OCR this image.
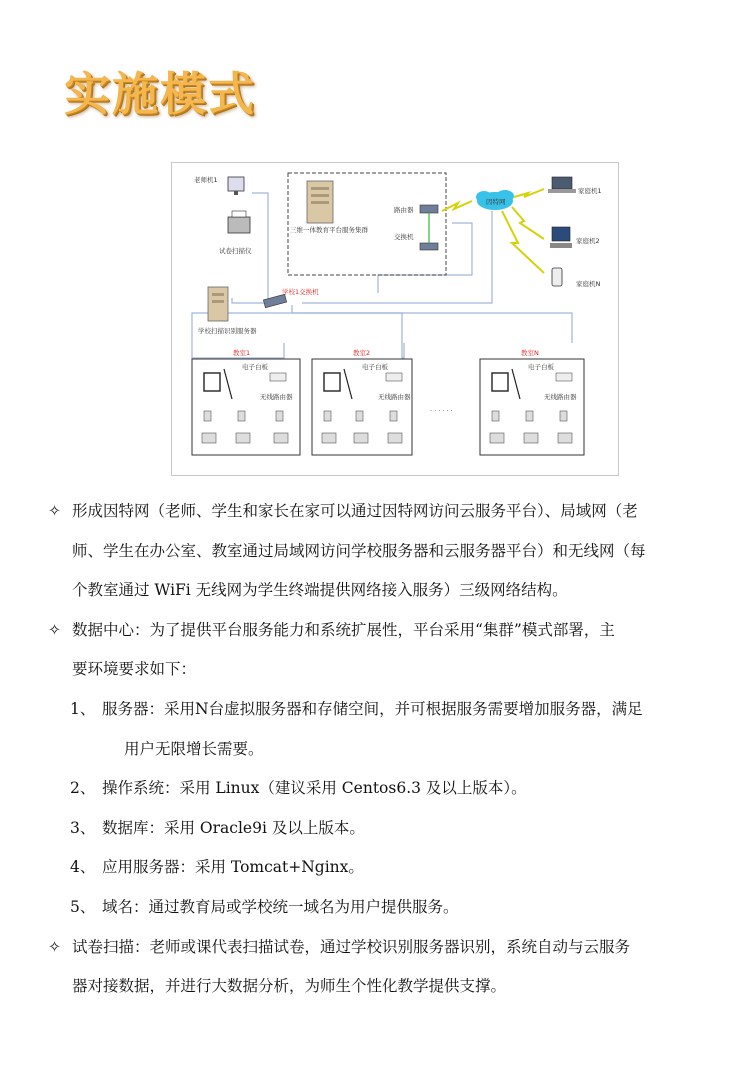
实施模式
三维一体教育平台服务集群
路由器
交换机
因特网
家庭机1
家庭机2
家庭机N
老师机1
试卷扫描仪
学校1交换机
学校扫描识别服务器
教室1
电子白板
无线路由器
教室2
电子白板
无线路由器
· · · · · ·
教室N
电子白板
无线路由器

✧ 形成因特网（老师、学生和家长在家可以通过因特网访问云服务平台）、局域网（老
师、学生在办公室、教室通过局域网访问学校服务器和云服务器平台）和无线网（每
个教室通过 WiFi 无线网为学生终端提供网络接入服务）三级网络结构。

✧ 数据中心：为了提供平台服务能力和系统扩展性，平台采用“集群”模式部署，主
要环境要求如下：

1、 服务器：采用N台虚拟服务器和存储空间，并可根据服务需要增加服务器，满足
用户无限增长需要。

2、 操作系统：采用 Linux（建议采用 Centos6.3 及以上版本）。

3、 数据库：采用 Oracle9i 及以上版本。

4、 应用服务器：采用 Tomcat+Nginx。

5、 域名：通过教育局或学校统一域名为用户提供服务。

✧ 试卷扫描：老师或课代表扫描试卷，通过学校识别服务器识别，系统自动与云服务
器对接数据，并进行大数据分析，为师生个性化教学提供支撑。
